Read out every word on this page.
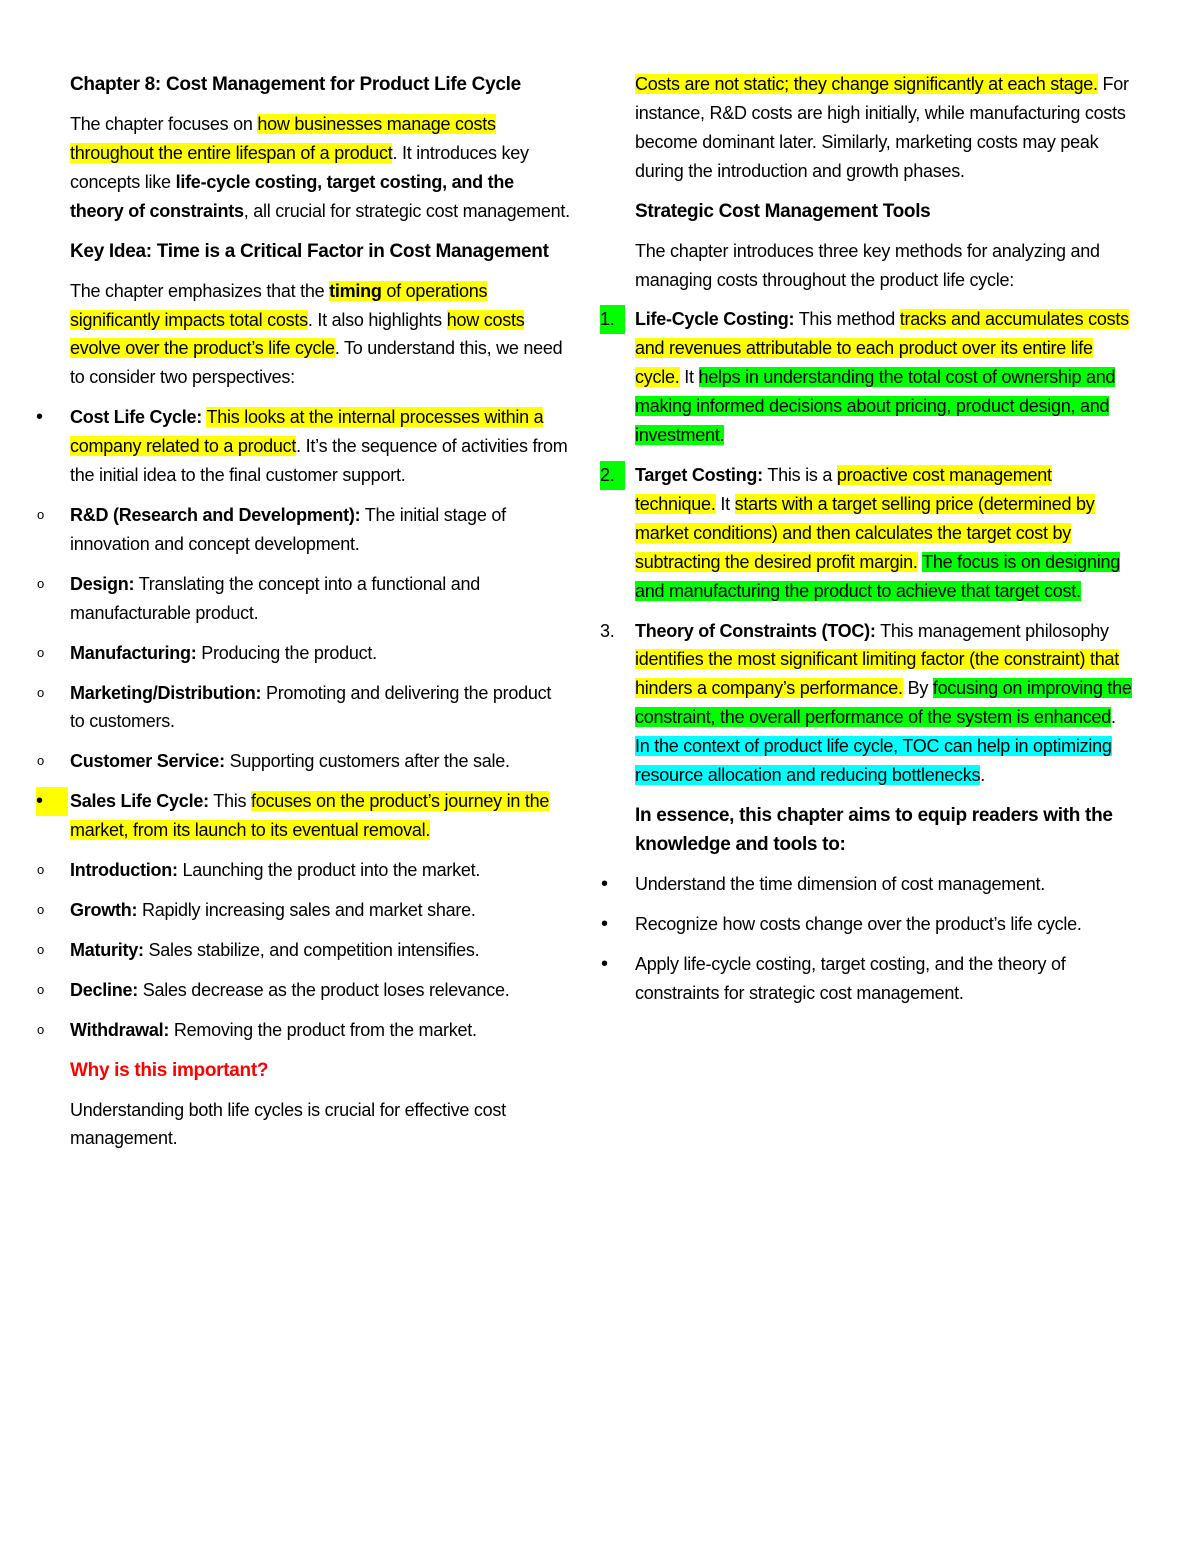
Chapter 8: Cost Management for Product Life Cycle

The chapter focuses on how businesses manage costs throughout the entire lifespan of a product. It introduces key concepts like life-cycle costing, target costing, and the theory of constraints, all crucial for strategic cost management.

Key Idea: Time is a Critical Factor in Cost Management

The chapter emphasizes that the timing of operations significantly impacts total costs. It also highlights how costs evolve over the product’s life cycle. To understand this, we need to consider two perspectives:

•
Cost Life Cycle: This looks at the internal processes within a company related to a product. It’s the sequence of activities from the initial idea to the final customer support.
o	R&D (Research and Development): The initial stage of innovation and concept development.
o	Design: Translating the concept into a functional and manufacturable product.
o	Manufacturing: Producing the product.
o	Marketing/Distribution: Promoting and delivering the product to customers.
o	Customer Service: Supporting customers after the sale.
•
Sales Life Cycle: This focuses on the product’s journey in the market, from its launch to its eventual removal.
o	Introduction: Launching the product into the market.
o	Growth: Rapidly increasing sales and market share.
o	Maturity: Sales stabilize, and competition intensifies.
o	Decline: Sales decrease as the product loses relevance.
o	Withdrawal: Removing the product from the market.
Why is this important?

Understanding both life cycles is crucial for effective cost management.

Costs are not static; they change significantly at each stage. For instance, R&D costs are high initially, while manufacturing costs become dominant later. Similarly, marketing costs may peak during the introduction and growth phases.

Strategic Cost Management Tools

The chapter introduces three key methods for analyzing and managing costs throughout the product life cycle:

1.	Life-Cycle Costing: This method tracks and accumulates costs and revenues attributable to each product over its entire life cycle. It helps in understanding the total cost of ownership and making informed decisions about pricing, product design, and investment.
2.	Target Costing: This is a proactive cost management technique. It starts with a target selling price (determined by market conditions) and then calculates the target cost by subtracting the desired profit margin. The focus is on designing and manufacturing the product to achieve that target cost.
3.	Theory of Constraints (TOC): This management philosophy identifies the most significant limiting factor (the constraint) that hinders a company’s performance. By focusing on improving the constraint, the overall performance of the system is enhanced. In the context of product life cycle, TOC can help in optimizing resource allocation and reducing bottlenecks.
In essence, this chapter aims to equip readers with the knowledge and tools to:
•
Understand the time dimension of cost management.
•
Recognize how costs change over the product’s life cycle.
•
Apply life-cycle costing, target costing, and the theory of constraints for strategic cost management.
